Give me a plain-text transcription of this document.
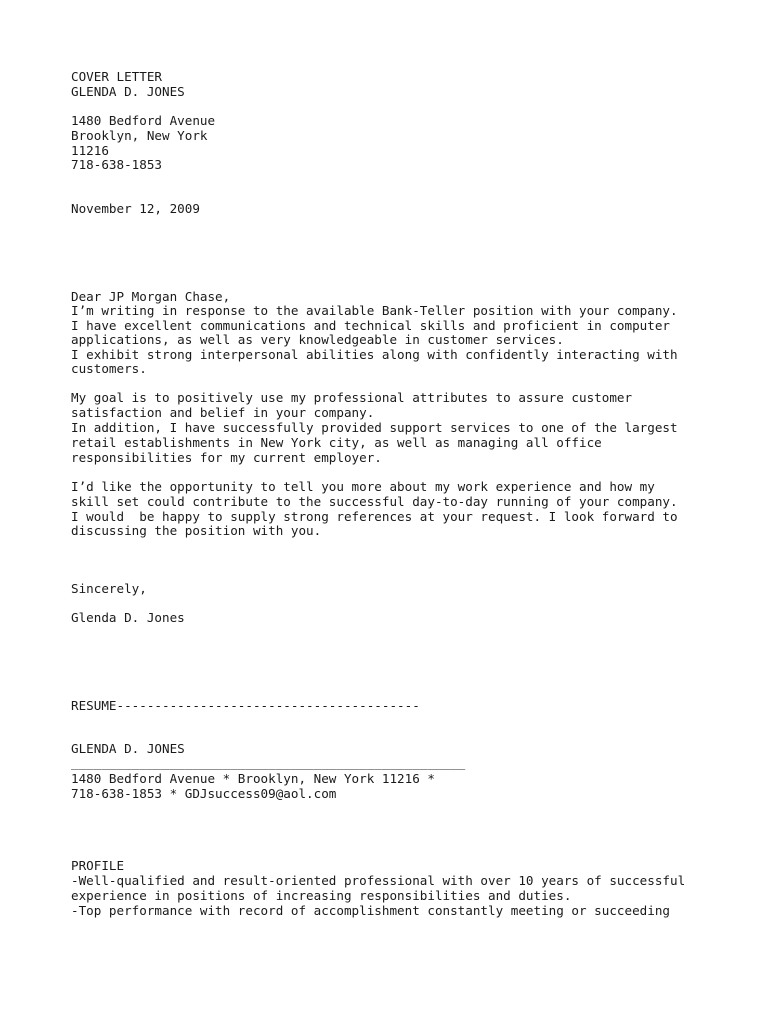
COVER LETTER

GLENDA D. JONES

1480 Bedford Avenue

Brooklyn, New York

11216

718-638-1853

November 12, 2009

Dear JP Morgan Chase,

I’m writing in response to the available Bank-Teller position with your company.

I have excellent communications and technical skills and proficient in computer

applications, as well as very knowledgeable in customer services.

I exhibit strong interpersonal abilities along with confidently interacting with

customers.

My goal is to positively use my professional attributes to assure customer

satisfaction and belief in your company.

In addition, I have successfully provided support services to one of the largest

retail establishments in New York city, as well as managing all office

responsibilities for my current employer.

I’d like the opportunity to tell you more about my work experience and how my

skill set could contribute to the successful day-to-day running of your company.

I would  be happy to supply strong references at your request. I look forward to

discussing the position with you.

Sincerely,

Glenda D. Jones

RESUME----------------------------------------

GLENDA D. JONES

____________________________________________________

1480 Bedford Avenue * Brooklyn, New York 11216 *

718-638-1853 * GDJsuccess09@aol.com

PROFILE

-Well-qualified and result-oriented professional with over 10 years of successful

experience in positions of increasing responsibilities and duties.

-Top performance with record of accomplishment constantly meeting or succeeding
